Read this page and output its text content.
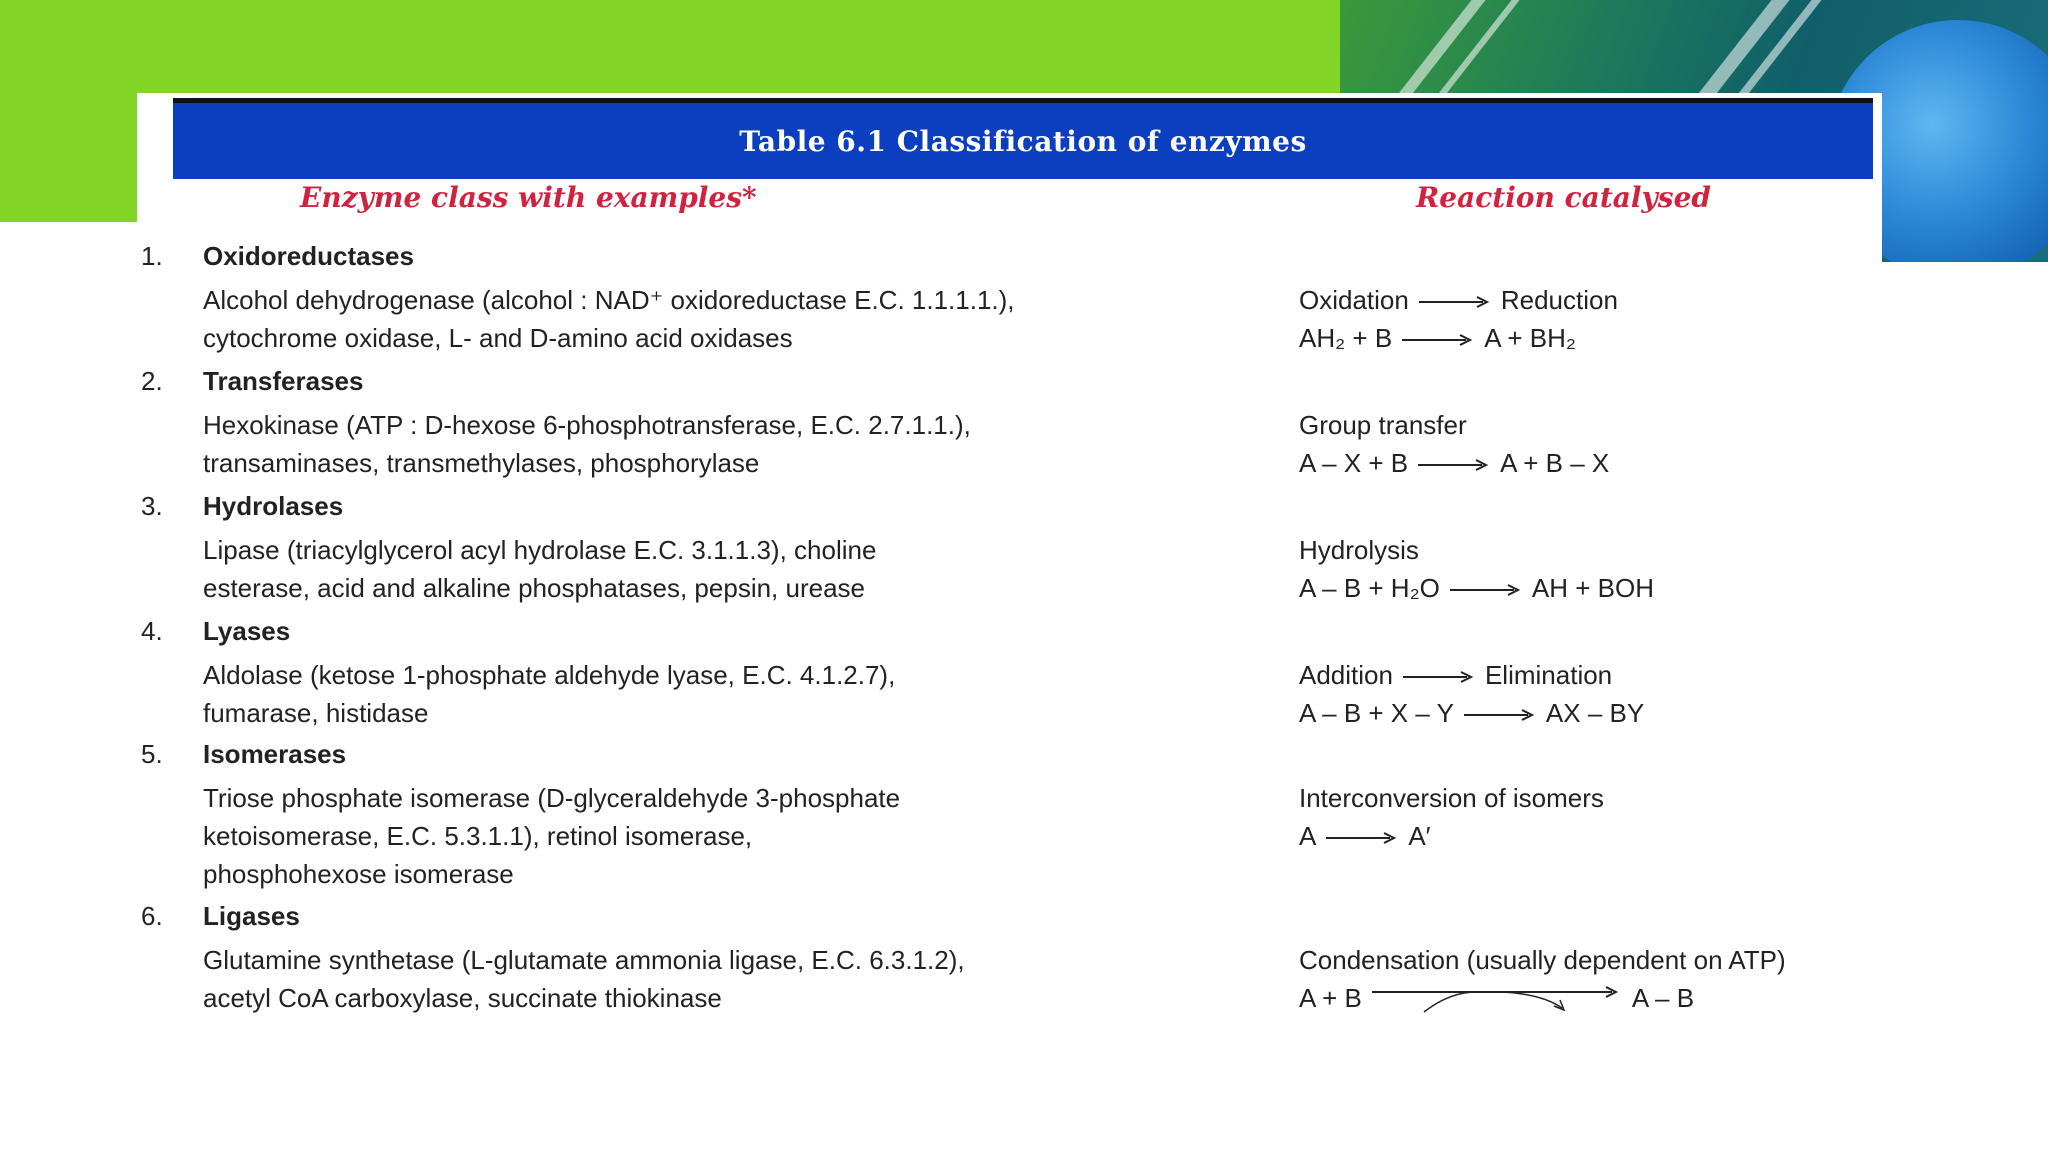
Table 6.1 Classification of enzymes
Enzyme class with examples*	Reaction catalysed
1. Oxidoreductases
Alcohol dehydrogenase (alcohol : NAD⁺ oxidoreductase E.C. 1.1.1.1.),
cytochrome oxidase, L- and D-amino acid oxidases
Oxidation	Reduction
AH₂ + B	A + BH₂
2. Transferases
Hexokinase (ATP : D-hexose 6-phosphotransferase, E.C. 2.7.1.1.),
transaminases, transmethylases, phosphorylase
Group transfer
A – X + B	A + B – X
3. Hydrolases
Lipase (triacylglycerol acyl hydrolase E.C. 3.1.1.3), choline
esterase, acid and alkaline phosphatases, pepsin, urease
Hydrolysis
A – B + H₂O	AH + BOH
4. Lyases
Aldolase (ketose 1-phosphate aldehyde lyase, E.C. 4.1.2.7),
fumarase, histidase
Addition	Elimination
A – B + X – Y	AX – BY
5. Isomerases
Triose phosphate isomerase (D-glyceraldehyde 3-phosphate
ketoisomerase, E.C. 5.3.1.1), retinol isomerase,
phosphohexose isomerase
Interconversion of isomers
A	A′
6. Ligases
Glutamine synthetase (L-glutamate ammonia ligase, E.C. 6.3.1.2),
acetyl CoA carboxylase, succinate thiokinase
Condensation (usually dependent on ATP)
A + B	A – B
